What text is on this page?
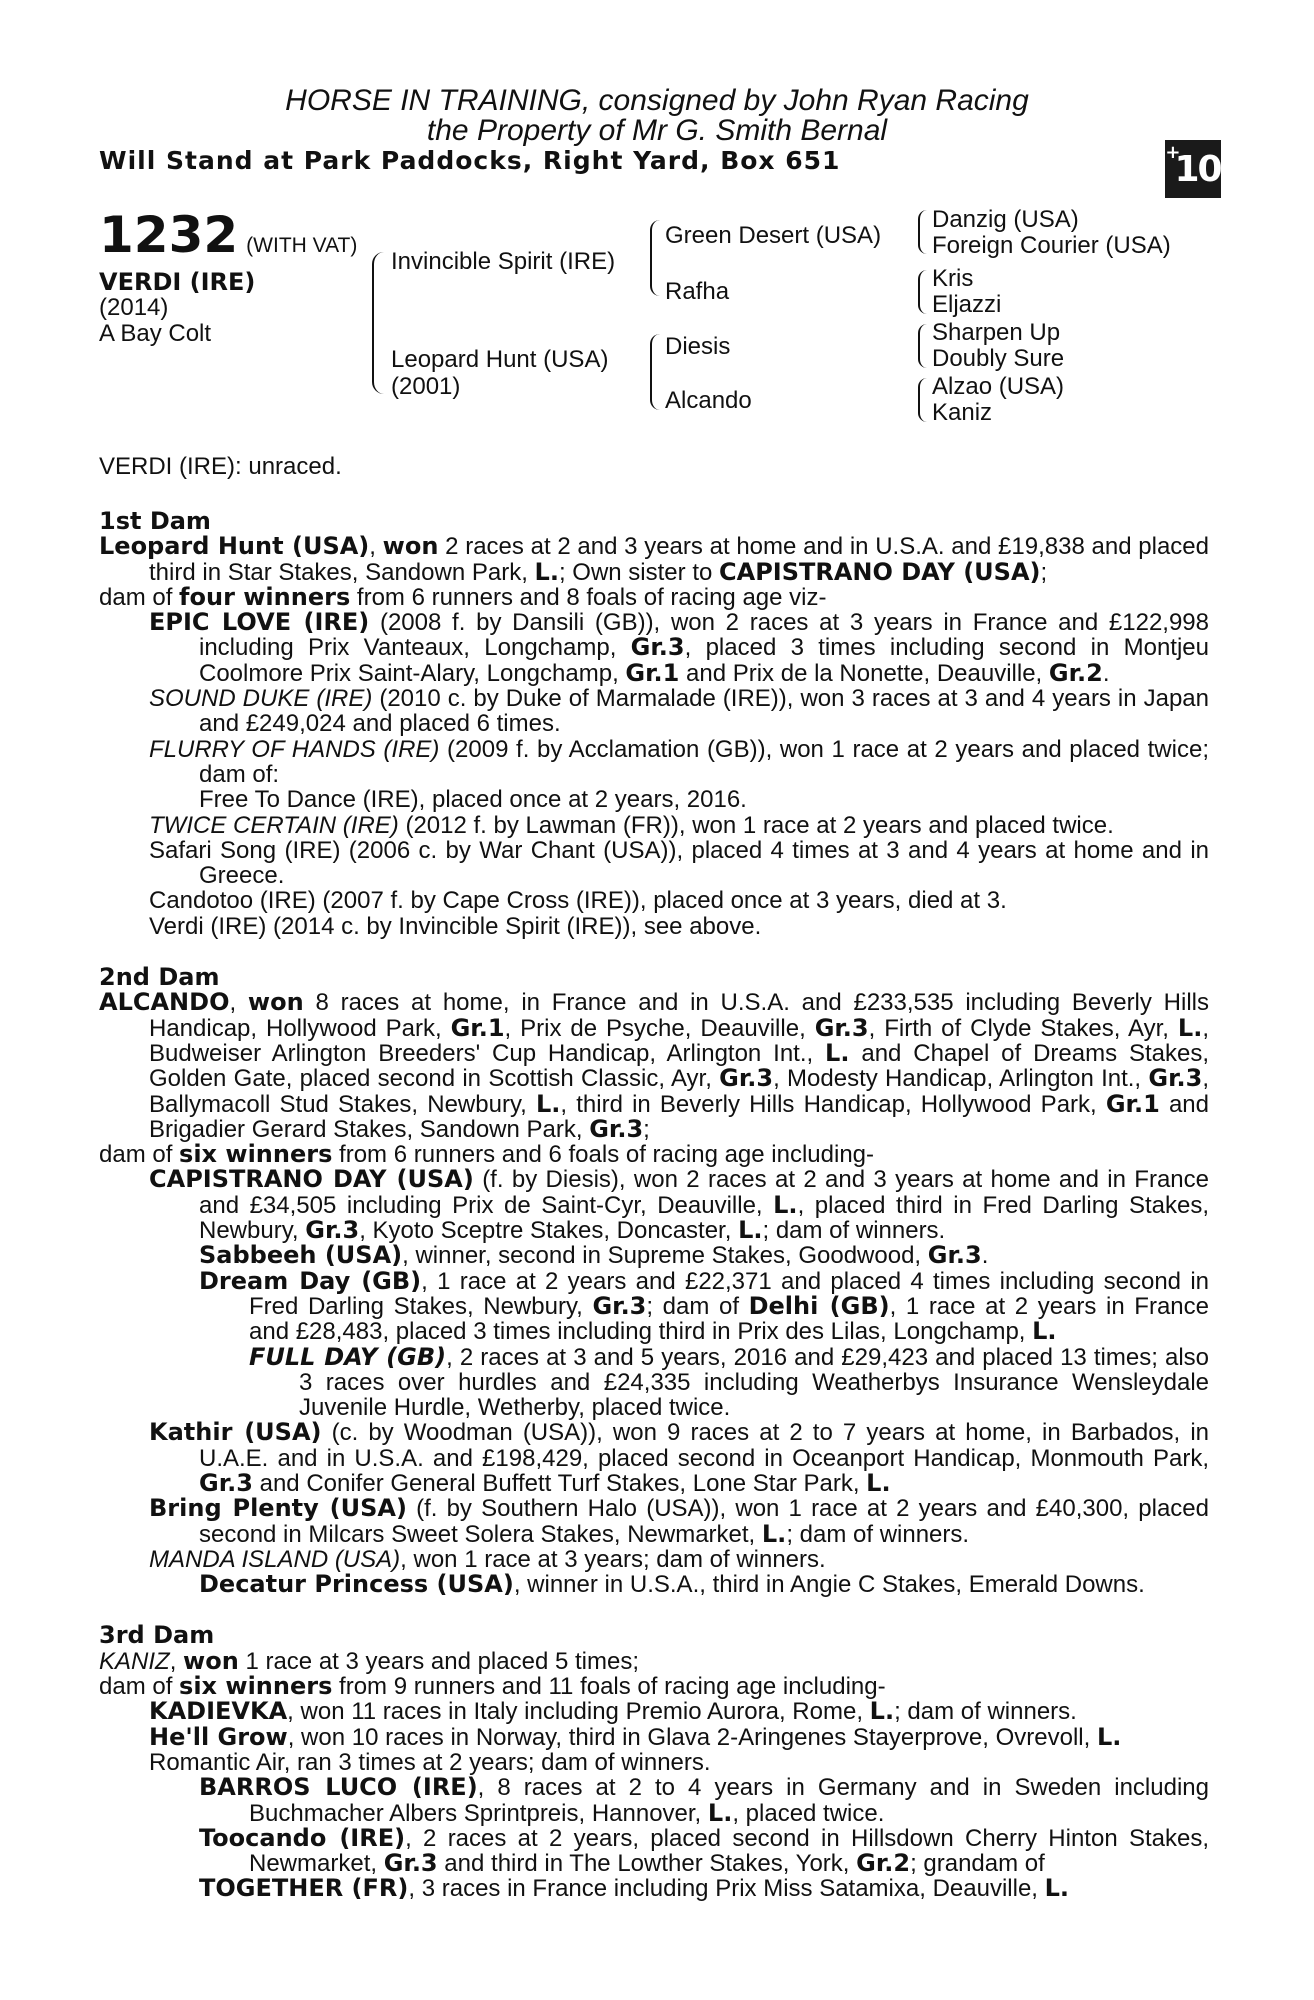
HORSE IN TRAINING, consigned by John Ryan Racing
the Property of Mr G. Smith Bernal
Will Stand at Park Paddocks, Right Yard, Box 651	+10
1232 (WITH VAT)
VERDI (IRE)
(2014)
A Bay Colt
Invincible Spirit (IRE)
Leopard Hunt (USA)
(2001)
Green Desert (USA)
Rafha
Diesis
Alcando
Danzig (USA)
Foreign Courier (USA)
Kris
Eljazzi
Sharpen Up
Doubly Sure
Alzao (USA)
Kaniz

VERDI (IRE): unraced.

1st Dam

Leopard Hunt (USA), won 2 races at 2 and 3 years at home and in U.S.A. and £19,838 and placed third in Star Stakes, Sandown Park, L.; Own sister to CAPISTRANO DAY (USA);

dam of four winners from 6 runners and 8 foals of racing age viz-

EPIC LOVE (IRE) (2008 f. by Dansili (GB)), won 2 races at 3 years in France and £122,998 including Prix Vanteaux, Longchamp, Gr.3, placed 3 times including second in Montjeu Coolmore Prix Saint-Alary, Longchamp, Gr.1 and Prix de la Nonette, Deauville, Gr.2.

SOUND DUKE (IRE) (2010 c. by Duke of Marmalade (IRE)), won 3 races at 3 and 4 years in Japan and £249,024 and placed 6 times.

FLURRY OF HANDS (IRE) (2009 f. by Acclamation (GB)), won 1 race at 2 years and placed twice; dam of:

Free To Dance (IRE), placed once at 2 years, 2016.

TWICE CERTAIN (IRE) (2012 f. by Lawman (FR)), won 1 race at 2 years and placed twice.

Safari Song (IRE) (2006 c. by War Chant (USA)), placed 4 times at 3 and 4 years at home and in Greece.

Candotoo (IRE) (2007 f. by Cape Cross (IRE)), placed once at 3 years, died at 3.

Verdi (IRE) (2014 c. by Invincible Spirit (IRE)), see above.

2nd Dam

ALCANDO, won 8 races at home, in France and in U.S.A. and £233,535 including Beverly Hills Handicap, Hollywood Park, Gr.1, Prix de Psyche, Deauville, Gr.3, Firth of Clyde Stakes, Ayr, L., Budweiser Arlington Breeders' Cup Handicap, Arlington Int., L. and Chapel of Dreams Stakes, Golden Gate, placed second in Scottish Classic, Ayr, Gr.3, Modesty Handicap, Arlington Int., Gr.3, Ballymacoll Stud Stakes, Newbury, L., third in Beverly Hills Handicap, Hollywood Park, Gr.1 and Brigadier Gerard Stakes, Sandown Park, Gr.3;

dam of six winners from 6 runners and 6 foals of racing age including-

CAPISTRANO DAY (USA) (f. by Diesis), won 2 races at 2 and 3 years at home and in France and £34,505 including Prix de Saint-Cyr, Deauville, L., placed third in Fred Darling Stakes, Newbury, Gr.3, Kyoto Sceptre Stakes, Doncaster, L.; dam of winners.

Sabbeeh (USA), winner, second in Supreme Stakes, Goodwood, Gr.3.

Dream Day (GB), 1 race at 2 years and £22,371 and placed 4 times including second in Fred Darling Stakes, Newbury, Gr.3; dam of Delhi (GB), 1 race at 2 years in France and £28,483, placed 3 times including third in Prix des Lilas, Longchamp, L.

FULL DAY (GB), 2 races at 3 and 5 years, 2016 and £29,423 and placed 13 times; also 3 races over hurdles and £24,335 including Weatherbys Insurance Wensleydale Juvenile Hurdle, Wetherby, placed twice.

Kathir (USA) (c. by Woodman (USA)), won 9 races at 2 to 7 years at home, in Barbados, in U.A.E. and in U.S.A. and £198,429, placed second in Oceanport Handicap, Monmouth Park, Gr.3 and Conifer General Buffett Turf Stakes, Lone Star Park, L.

Bring Plenty (USA) (f. by Southern Halo (USA)), won 1 race at 2 years and £40,300, placed second in Milcars Sweet Solera Stakes, Newmarket, L.; dam of winners.

MANDA ISLAND (USA), won 1 race at 3 years; dam of winners.

Decatur Princess (USA), winner in U.S.A., third in Angie C Stakes, Emerald Downs.

3rd Dam

KANIZ, won 1 race at 3 years and placed 5 times;

dam of six winners from 9 runners and 11 foals of racing age including-

KADIEVKA, won 11 races in Italy including Premio Aurora, Rome, L.; dam of winners.

He'll Grow, won 10 races in Norway, third in Glava 2-Aringenes Stayerprove, Ovrevoll, L.

Romantic Air, ran 3 times at 2 years; dam of winners.

BARROS LUCO (IRE), 8 races at 2 to 4 years in Germany and in Sweden including Buchmacher Albers Sprintpreis, Hannover, L., placed twice.

Toocando (IRE), 2 races at 2 years, placed second in Hillsdown Cherry Hinton Stakes, Newmarket, Gr.3 and third in The Lowther Stakes, York, Gr.2; grandam of

TOGETHER (FR), 3 races in France including Prix Miss Satamixa, Deauville, L.
